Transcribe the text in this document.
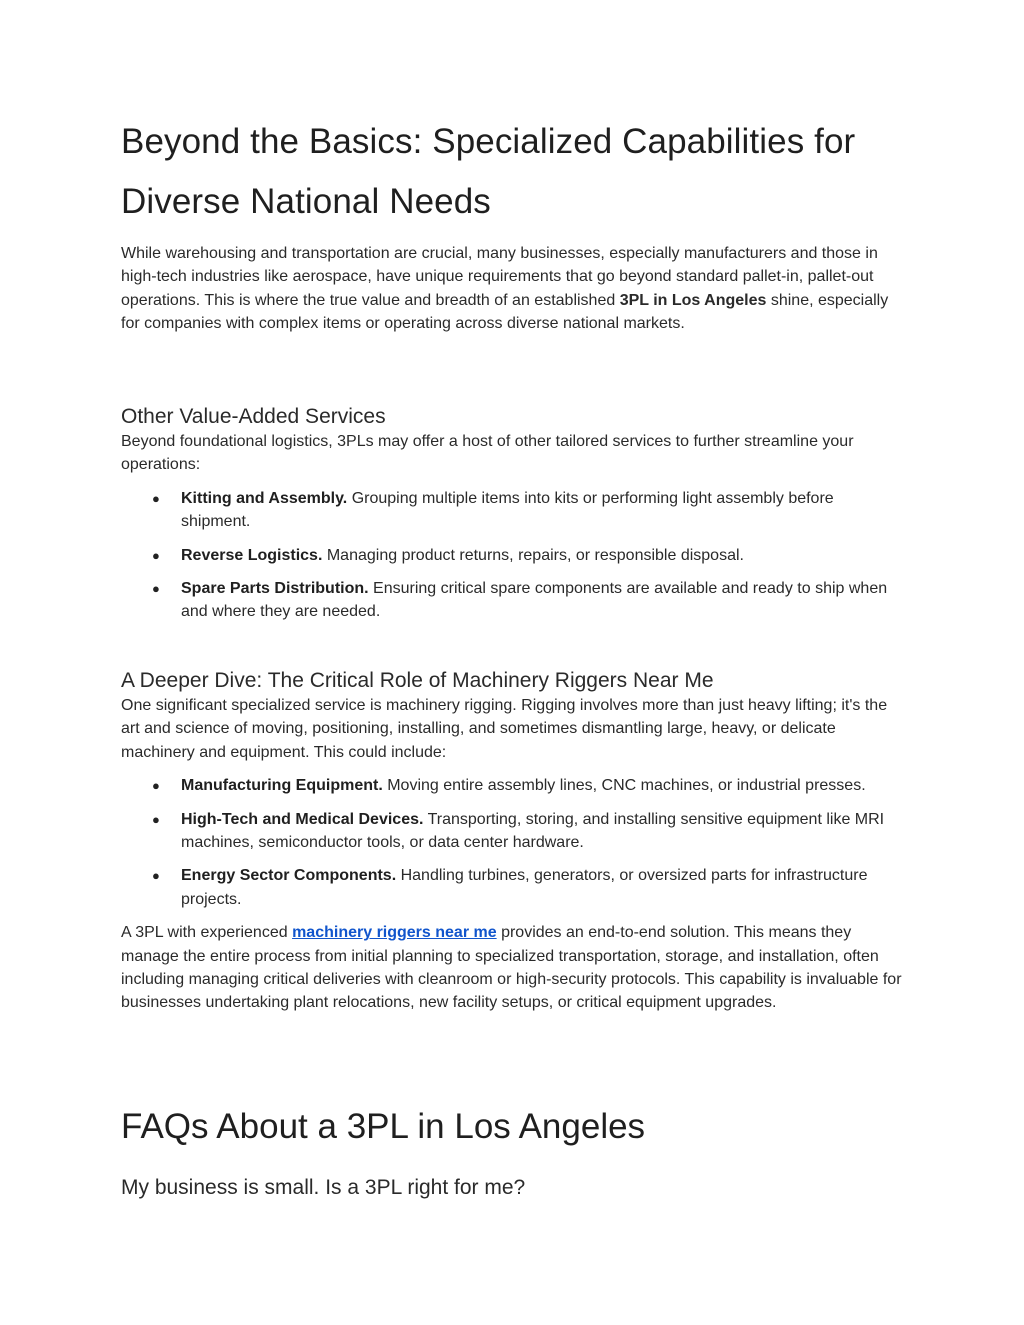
Beyond the Basics: Specialized Capabilities for Diverse National Needs

While warehousing and transportation are crucial, many businesses, especially manufacturers and those in high-tech industries like aerospace, have unique requirements that go beyond standard pallet-in, pallet-out operations. This is where the true value and breadth of an established 3PL in Los Angeles shine, especially for companies with complex items or operating across diverse national markets.

Other Value-Added Services

Beyond foundational logistics, 3PLs may offer a host of other tailored services to further streamline your operations:

● Kitting and Assembly. Grouping multiple items into kits or performing light assembly before shipment.
● Reverse Logistics. Managing product returns, repairs, or responsible disposal.
● Spare Parts Distribution. Ensuring critical spare components are available and ready to ship when and where they are needed.
A Deeper Dive: The Critical Role of Machinery Riggers Near Me

One significant specialized service is machinery rigging. Rigging involves more than just heavy lifting; it's the art and science of moving, positioning, installing, and sometimes dismantling large, heavy, or delicate machinery and equipment. This could include:

● Manufacturing Equipment. Moving entire assembly lines, CNC machines, or industrial presses.
● High-Tech and Medical Devices. Transporting, storing, and installing sensitive equipment like MRI machines, semiconductor tools, or data center hardware.
● Energy Sector Components. Handling turbines, generators, or oversized parts for infrastructure projects.

A 3PL with experienced machinery riggers near me provides an end-to-end solution. This means they manage the entire process from initial planning to specialized transportation, storage, and installation, often including managing critical deliveries with cleanroom or high-security protocols. This capability is invaluable for businesses undertaking plant relocations, new facility setups, or critical equipment upgrades.

FAQs About a 3PL in Los Angeles
My business is small. Is a 3PL right for me?
